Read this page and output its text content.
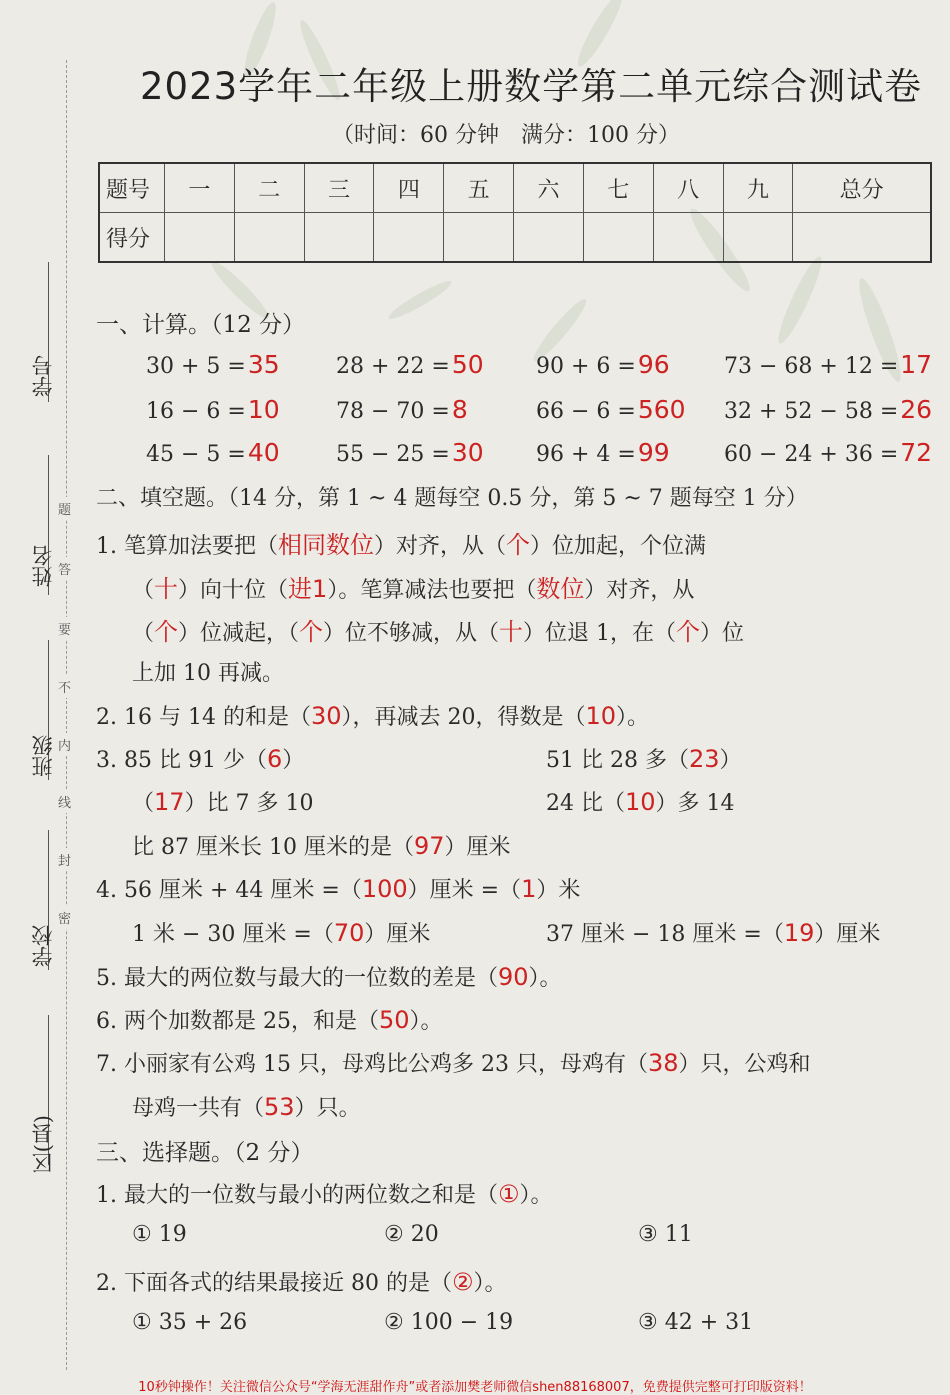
学号
姓名
班级
学校
区(县)
题
答
要
不
内
线
封
密
2023学年二年级上册数学第二单元综合测试卷
（时间：60 分钟　满分：100 分）
题号	一	二	三	四	五	六	七	八	九	总分
得分										
一、计算。（12 分）
30 + 5 =35	28 + 22 =50 90 + 6 =96 73 − 68 + 12 =17
16 − 6 =10	78 − 70 =8	66 − 6 =560 32 + 52 − 58 =26
45 − 5 =40	55 − 25 =30 96 + 4 =99 60 − 24 + 36 =72
二、填空题。（14 分，第 1 ~ 4 题每空 0.5 分，第 5 ~ 7 题每空 1 分）
1. 笔算加法要把（相同数位）对齐，从（个）位加起，个位满
（十）向十位（进1）。笔算减法也要把（数位）对齐，从
（个）位减起，（个）位不够减，从（十）位退 1，在（个）位
上加 10 再减。
2. 16 与 14 的和是（30），再减去 20，得数是（10）。
3. 85 比 91 少（6）	51 比 28 多（23）
（17）比 7 多 10	24 比（10）多 14
比 87 厘米长 10 厘米的是（97）厘米
4. 56 厘米 + 44 厘米 =（100）厘米 =（1）米
1 米 − 30 厘米 =（70）厘米	37 厘米 − 18 厘米 =（19）厘米
5. 最大的两位数与最大的一位数的差是（90）。
6. 两个加数都是 25，和是（50）。
7. 小丽家有公鸡 15 只，母鸡比公鸡多 23 只，母鸡有（38）只，公鸡和
母鸡一共有（53）只。
三、选择题。（2 分）
1. 最大的一位数与最小的两位数之和是（①）。
① 19	② 20	③ 11
2. 下面各式的结果最接近 80 的是（②）。
① 35 + 26	② 100 − 19	③ 42 + 31
10秒钟操作！关注微信公众号“学海无涯甜作舟”或者添加樊老师微信shen88168007，免费提供完整可打印版资料！
